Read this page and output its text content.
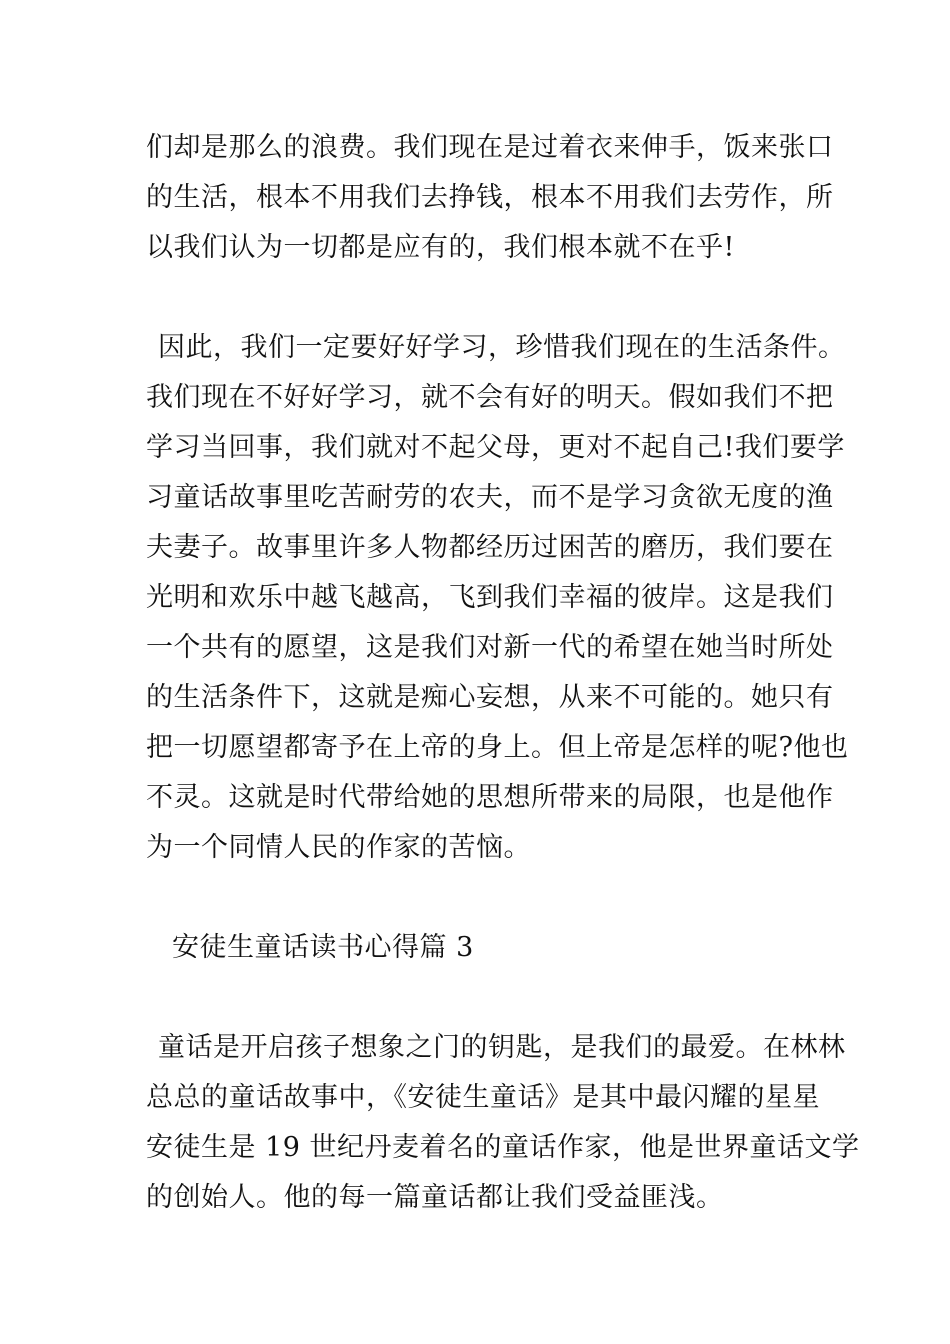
们却是那么的浪费。我们现在是过着衣来伸手，饭来张口
的生活，根本不用我们去挣钱，根本不用我们去劳作，所
以我们认为一切都是应有的，我们根本就不在乎!
因此，我们一定要好好学习，珍惜我们现在的生活条件。
我们现在不好好学习，就不会有好的明天。假如我们不把
学习当回事，我们就对不起父母，更对不起自己!我们要学
习童话故事里吃苦耐劳的农夫，而不是学习贪欲无度的渔
夫妻子。故事里许多人物都经历过困苦的磨历，我们要在
光明和欢乐中越飞越高，飞到我们幸福的彼岸。这是我们
一个共有的愿望，这是我们对新一代的希望在她当时所处
的生活条件下，这就是痴心妄想，从来不可能的。她只有
把一切愿望都寄予在上帝的身上。但上帝是怎样的呢?他也
不灵。这就是时代带给她的思想所带来的局限，也是他作
为一个同情人民的作家的苦恼。
安徒生童话读书心得篇 3
童话是开启孩子想象之门的钥匙，是我们的最爱。在林林
总总的童话故事中，《安徒生童话》是其中最闪耀的星星
安徒生是 19 世纪丹麦着名的童话作家，他是世界童话文学
的创始人。他的每一篇童话都让我们受益匪浅。
